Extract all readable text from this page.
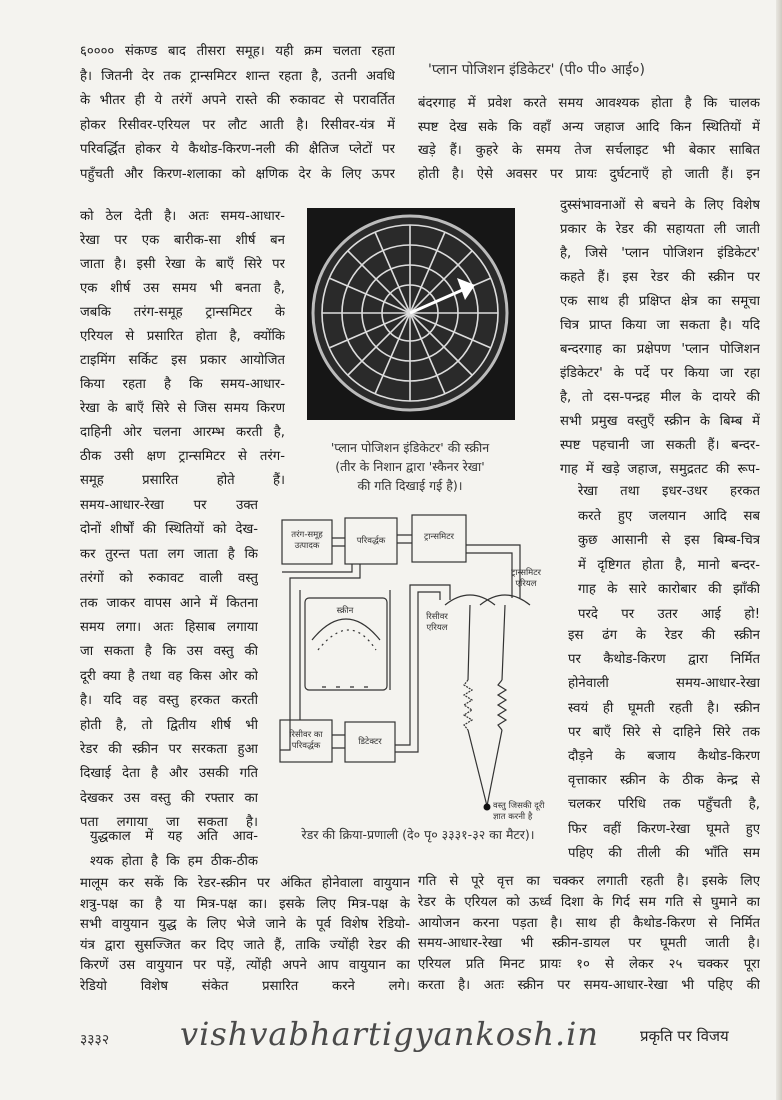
६०००० संकण्ड बाद तीसरा समूह। यही क्रम चलता रहता
है। जितनी देर तक ट्रान्समिटर शान्त रहता है, उतनी अवधि
के भीतर ही ये तरंगें अपने रास्ते की रुकावट से परावर्तित
होकर रिसीवर-एरियल पर लौट आती है। रिसीवर-यंत्र में
परिवर्द्धित होकर ये कैथोड-किरण-नली की क्षैतिज प्लेटों पर
पहुँचती और किरण-शलाका को क्षणिक देर के लिए ऊपर
को ठेल देती है। अतः समय-आधार-
रेखा पर एक बारीक-सा शीर्ष बन
जाता है। इसी रेखा के बाएँ सिरे पर
एक शीर्ष उस समय भी बनता है,
जबकि तरंग-समूह ट्रान्समिटर के
एरियल से प्रसारित होता है, क्योंकि
टाइमिंग सर्किट इस प्रकार आयोजित
किया रहता है कि समय-आधार-
रेखा के बाएँ सिरे से जिस समय किरण
दाहिनी ओर चलना आरम्भ करती है,
ठीक उसी क्षण ट्रान्समिटर से तरंग-
समूह प्रसारित होते हैं।
समय-आधार-रेखा पर उक्त
दोनों शीर्षों की स्थितियों को देख-
कर तुरन्त पता लग जाता है कि
तरंगों को रुकावट वाली वस्तु
तक जाकर वापस आने में कितना
समय लगा। अतः हिसाब लगाया
जा सकता है कि उस वस्तु की
दूरी क्या है तथा वह किस ओर को
है। यदि वह वस्तु हरकत करती
होती है, तो द्वितीय शीर्ष भी
रेडर की स्क्रीन पर सरकता हुआ
दिखाई देता है और उसकी गति
देखकर उस वस्तु की रफ्तार का
पता लगाया जा सकता है।
युद्धकाल में यह अति आव-
श्यक होता है कि हम ठीक-ठीक
मालूम कर सकें कि रेडर-स्क्रीन पर अंकित होनेवाला वायुयान
शत्रु-पक्ष का है या मित्र-पक्ष का। इसके लिए मित्र-पक्ष के
सभी वायुयान युद्ध के लिए भेजे जाने के पूर्व विशेष रेडियो-
यंत्र द्वारा सुसज्जित कर दिए जाते हैं, ताकि ज्योंही रेडर की
किरणें उस वायुयान पर पड़ें, त्योंही अपने आप वायुयान का
रेडियो विशेष संकेत प्रसारित करने लगे।
'प्लान पोजिशन इंडिकेटर' (पी० पी० आई०)
बंदरगाह में प्रवेश करते समय आवश्यक होता है कि चालक
स्पष्ट देख सके कि वहाँ अन्य जहाज आदि किन स्थितियों में
खड़े हैं। कुहरे के समय तेज सर्चलाइट भी बेकार साबित
होती है। ऐसे अवसर पर प्रायः दुर्घटनाएँ हो जाती हैं। इन
दुस्संभावनाओं से बचने के लिए विशेष
प्रकार के रेडर की सहायता ली जाती
है, जिसे 'प्लान पोजिशन इंडिकेटर'
कहते हैं। इस रेडर की स्क्रीन पर
एक साथ ही प्रक्षिप्त क्षेत्र का समूचा
चित्र प्राप्त किया जा सकता है। यदि
बन्दरगाह का प्रक्षेपण 'प्लान पोजिशन
इंडिकेटर' के पर्दे पर किया जा रहा
है, तो दस-पन्द्रह मील के दायरे की
सभी प्रमुख वस्तुएँ स्क्रीन के बिम्ब में
स्पष्ट पहचानी जा सकती हैं। बन्दर-
गाह में खड़े जहाज, समुद्रतट की रूप-
रेखा तथा इधर-उधर हरकत
करते हुए जलयान आदि सब
कुछ आसानी से इस बिम्ब-चित्र
में दृष्टिगत होता है, मानो बन्दर-
गाह के सारे कारोबार की झाँकी
परदे पर उतर आई हो!
इस ढंग के रेडर की स्क्रीन
पर कैथोड-किरण द्वारा निर्मित
होनेवाली समय-आधार-रेखा
स्वयं ही घूमती रहती है। स्क्रीन
पर बाएँ सिरे से दाहिने सिरे तक
दौड़ने के बजाय कैथोड-किरण
वृत्ताकार स्क्रीन के ठीक केन्द्र से
चलकर परिधि तक पहुँचती है,
फिर वहीं किरण-रेखा घूमते हुए
पहिए की तीली की भाँति सम
गति से पूरे वृत्त का चक्कर लगाती रहती है। इसके लिए
रेडर के एरियल को ऊर्ध्व दिशा के गिर्द सम गति से घुमाने का
आयोजन करना पड़ता है। साथ ही कैथोड-किरण से निर्मित
समय-आधार-रेखा भी स्क्रीन-डायल पर घूमती जाती है।
एरियल प्रति मिनट प्रायः १० से लेकर २५ चक्कर पूरा
करता है। अतः स्क्रीन पर समय-आधार-रेखा भी पहिए की
'प्लान पोजिशन इंडिकेटर' की स्क्रीन
(तीर के निशान द्वारा 'स्कैनर रेखा'
की गति दिखाई गई है)।
तरंग-समूह उत्पादक	परिवर्द्धक	ट्रान्समिटर
ट्रान्समिटर एरियल
रिसीवर एरियल
स्क्रीन
रिसीवर का परिवर्द्धक	डिटेक्टर
वस्तु जिसकी दूरी ज्ञात करनी है
रेडर की क्रिया-प्रणाली (दे० पृ० ३३३१-३२ का मैटर)।
३३३२ vishvabhartigyankosh.in	प्रकृति पर विजय
